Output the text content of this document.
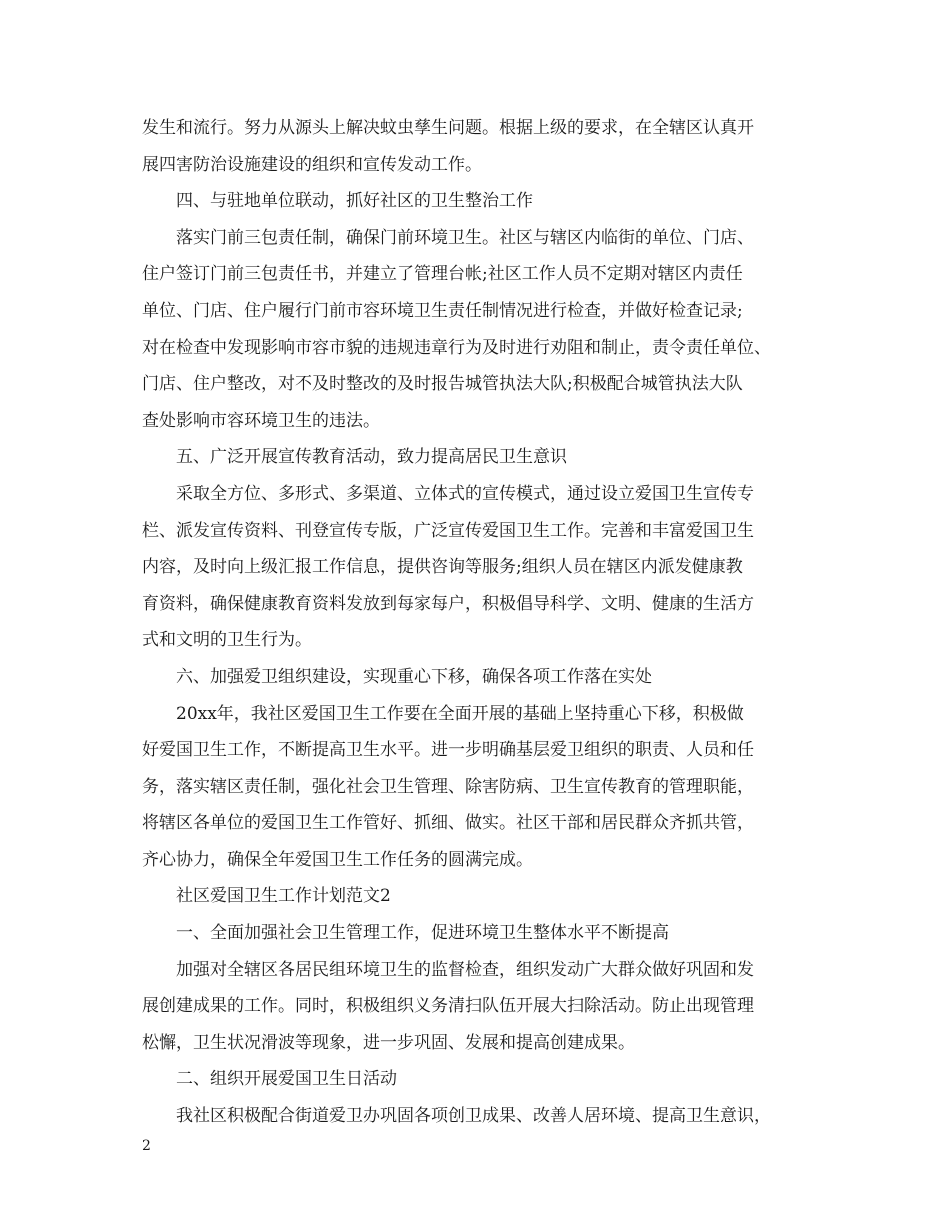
发生和流行。努力从源头上解决蚊虫孳生问题。根据上级的要求，在全辖区认真开
展四害防治设施建设的组织和宣传发动工作。
四、与驻地单位联动，抓好社区的卫生整治工作
落实门前三包责任制，确保门前环境卫生。社区与辖区内临街的单位、门店、
住户签订门前三包责任书，并建立了管理台帐;社区工作人员不定期对辖区内责任
单位、门店、住户履行门前市容环境卫生责任制情况进行检查，并做好检查记录;
对在检查中发现影响市容市貌的违规违章行为及时进行劝阻和制止，责令责任单位、
门店、住户整改，对不及时整改的及时报告城管执法大队;积极配合城管执法大队
查处影响市容环境卫生的违法。
五、广泛开展宣传教育活动，致力提高居民卫生意识
采取全方位、多形式、多渠道、立体式的宣传模式，通过设立爱国卫生宣传专
栏、派发宣传资料、刊登宣传专版，广泛宣传爱国卫生工作。完善和丰富爱国卫生
内容，及时向上级汇报工作信息，提供咨询等服务;组织人员在辖区内派发健康教
育资料，确保健康教育资料发放到每家每户，积极倡导科学、文明、健康的生活方
式和文明的卫生行为。
六、加强爱卫组织建设，实现重心下移，确保各项工作落在实处
20xx年，我社区爱国卫生工作要在全面开展的基础上坚持重心下移，积极做
好爱国卫生工作，不断提高卫生水平。进一步明确基层爱卫组织的职责、人员和任
务，落实辖区责任制，强化社会卫生管理、除害防病、卫生宣传教育的管理职能，
将辖区各单位的爱国卫生工作管好、抓细、做实。社区干部和居民群众齐抓共管，
齐心协力，确保全年爱国卫生工作任务的圆满完成。
社区爱国卫生工作计划范文2
一、全面加强社会卫生管理工作，促进环境卫生整体水平不断提高
加强对全辖区各居民组环境卫生的监督检查，组织发动广大群众做好巩固和发
展创建成果的工作。同时，积极组织义务清扫队伍开展大扫除活动。防止出现管理
松懈，卫生状况滑波等现象，进一步巩固、发展和提高创建成果。
二、组织开展爱国卫生日活动
我社区积极配合街道爱卫办巩固各项创卫成果、改善人居环境、提高卫生意识，
2
